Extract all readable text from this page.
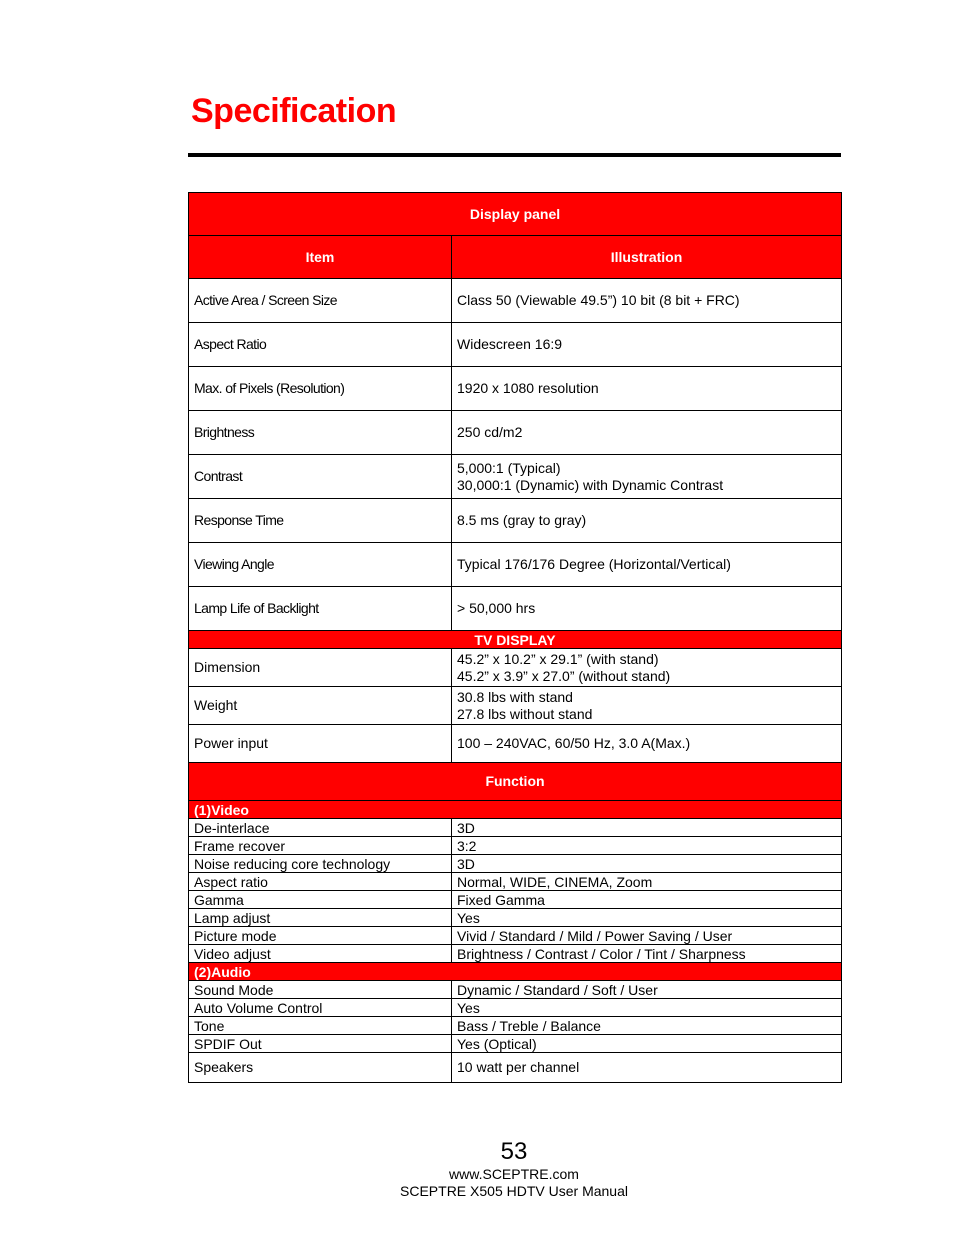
Specification
Display panel	
Item	Illustration
Active Area / Screen Size	Class 50 (Viewable 49.5”) 10 bit (8 bit + FRC)
Aspect Ratio	Widescreen 16:9
Max. of Pixels (Resolution)	1920 x 1080 resolution
Brightness	250 cd/m2
Contrast	5,000:1 (Typical)
30,000:1 (Dynamic) with Dynamic Contrast
Response Time	8.5 ms (gray to gray)
Viewing Angle	Typical 176/176 Degree (Horizontal/Vertical)
Lamp Life of Backlight	> 50,000 hrs
TV DISPLAY	
Dimension	45.2” x 10.2” x 29.1” (with stand)
45.2” x 3.9” x 27.0” (without stand)
Weight	30.8 lbs with stand
27.8 lbs without stand
Power input	100 – 240VAC, 60/50 Hz, 3.0 A(Max.)
Function	
(1)Video	
De-interlace	3D
Frame recover	3:2
Noise reducing core technology	3D
Aspect ratio	Normal, WIDE, CINEMA, Zoom
Gamma	Fixed Gamma
Lamp adjust	Yes
Picture mode	Vivid / Standard / Mild / Power Saving / User
Video adjust	Brightness / Contrast / Color / Tint / Sharpness
(2)Audio	
Sound Mode	Dynamic / Standard / Soft / User
Auto Volume Control	Yes
Tone	Bass / Treble / Balance
SPDIF Out	Yes (Optical)
Speakers	10 watt per channel
53
www.SCEPTRE.com
SCEPTRE X505 HDTV User Manual
